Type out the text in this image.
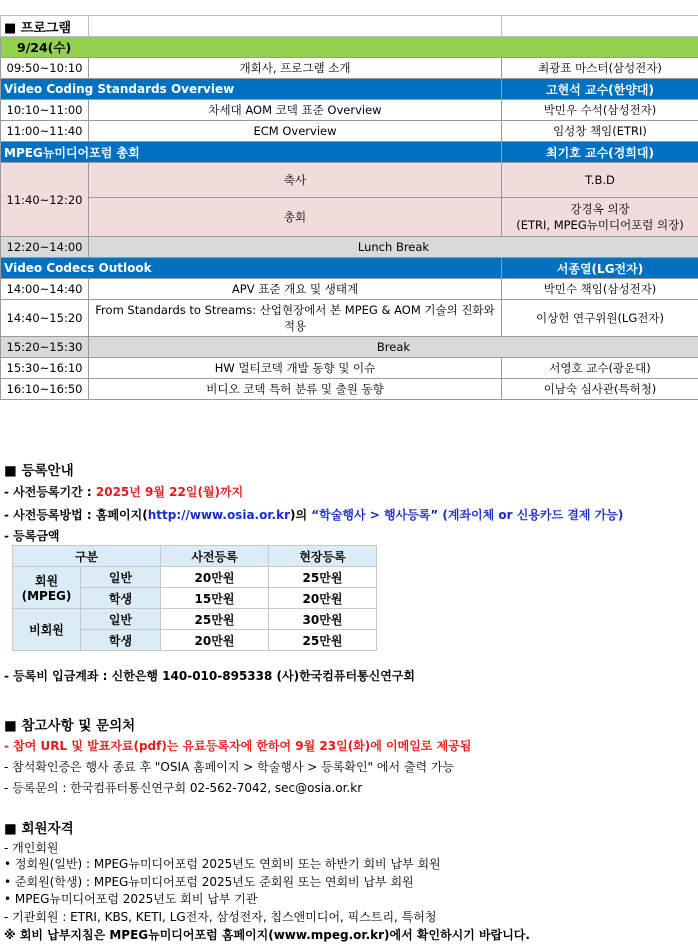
■ 프로그램		
9/24(수)		
09:50~10:10	개회사, 프로그램 소개	최광표 마스터(삼성전자)
Video Coding Standards Overview		고현석 교수(한양대)
10:10~11:00	차세대 AOM 코덱 표준 Overview	박민우 수석(삼성전자)
11:00~11:40	ECM Overview	임성창 책임(ETRI)
MPEG뉴미디어포럼 총회		최기호 교수(경희대)
11:40~12:20	축사	T.B.D
	총회	강경옥 의장
(ETRI, MPEG뉴미디어포럼 의장)

12:20~14:00	Lunch Break	
Video Codecs Outlook		서종열(LG전자)
14:00~14:40	APV 표준 개요 및 생태계	박민수 책임(삼성전자)
14:40~15:20	From Standards to Streams: 산업현장에서 본 MPEG & AOM 기술의 진화와 적용	이상헌 연구위원(LG전자)
15:20~15:30	Break	
15:30~16:10	HW 멀티코덱 개발 동향 및 이슈	서영호 교수(광운대)
16:10~16:50	비디오 코덱 특허 분류 및 출원 동향	이남숙 심사관(특허청)
■ 등록안내
- 사전등록기간 : 2025년 9월 22일(월)까지
- 사전등록방법 : 홈페이지(http://www.osia.or.kr)의 “학술행사 > 행사등록” (계좌이체 or 신용카드 결제 가능)
- 등록금액
구분		사전등록	현장등록

회원
(MPEG)	일반	20만원	25만원
	학생	15만원	20만원
비회원	일반	25만원	30만원
	학생	20만원	25만원
- 등록비 입금계좌 : 신한은행 140-010-895338 (사)한국컴퓨터통신연구회
■ 참고사항 및 문의처
- 참여 URL 및 발표자료(pdf)는 유료등록자에 한하여 9월 23일(화)에 이메일로 제공됨
- 참석확인증은 행사 종료 후 "OSIA 홈페이지 > 학술행사 > 등록확인" 에서 출력 가능
- 등록문의 : 한국컴퓨터통신연구회 02-562-7042, sec@osia.or.kr
■ 회원자격
- 개인회원
• 정회원(일반) : MPEG뉴미디어포럼 2025년도 연회비 또는 하반기 회비 납부 회원
• 준회원(학생) : MPEG뉴미디어포럼 2025년도 준회원 또는 연회비 납부 회원
• MPEG뉴미디어포럼 2025년도 회비 납부 기관
- 기관회원 : ETRI, KBS, KETI, LG전자, 삼성전자, 칩스앤미디어, 픽스트리, 특허청
※ 회비 납부지침은 MPEG뉴미디어포럼 홈페이지(www.mpeg.or.kr)에서 확인하시기 바랍니다.
